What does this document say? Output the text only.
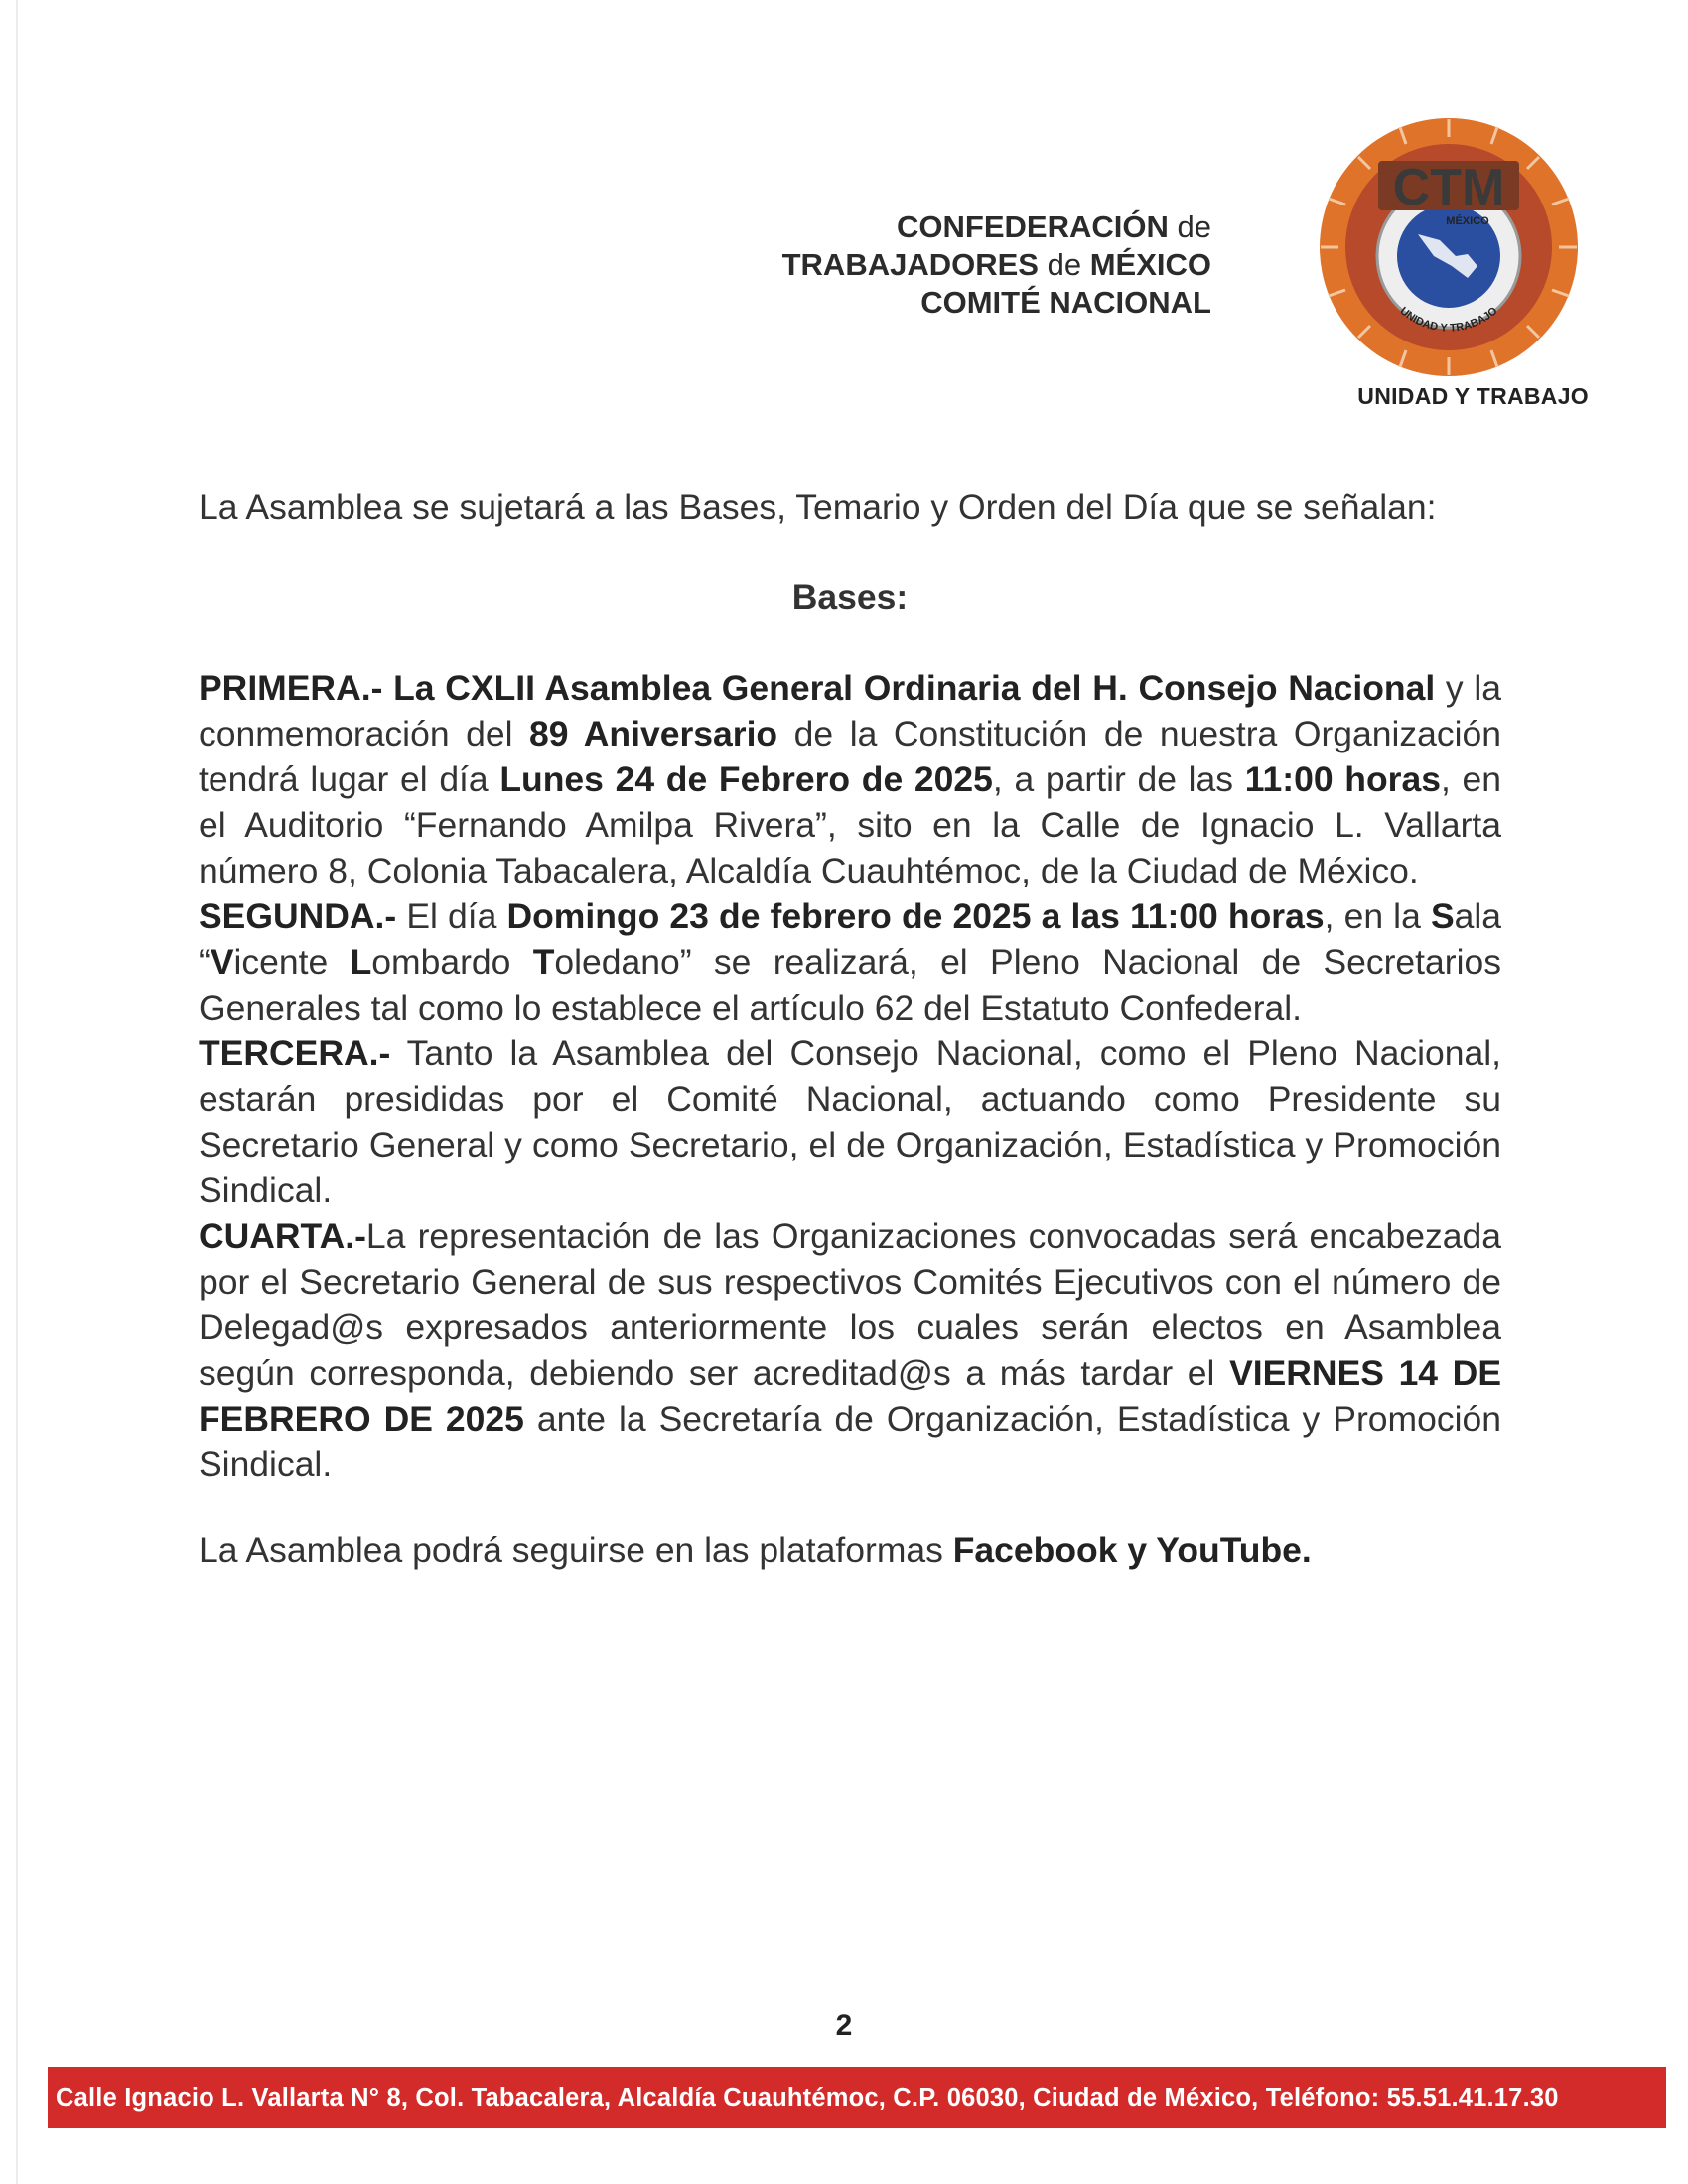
CONFEDERACIÓN de
TRABAJADORES de MÉXICO
COMITÉ NACIONAL
CTM
MÉXICO
UNIDAD Y TRABAJO
UNIDAD Y TRABAJO

La Asamblea se sujetará a las Bases, Temario y Orden del Día que se señalan:

Bases:

PRIMERA.- La CXLII Asamblea General Ordinaria del H. Consejo Nacional y la conmemoración del 89 Aniversario de la Constitución de nuestra Organización tendrá lugar el día Lunes 24 de Febrero de 2025, a partir de las 11:00 horas, en el Auditorio “Fernando Amilpa Rivera”, sito en la Calle de Ignacio L. Vallarta número 8, Colonia Tabacalera, Alcaldía Cuauhtémoc, de la Ciudad de México.

SEGUNDA.- El día Domingo 23 de febrero de 2025 a las 11:00 horas, en la Sala “Vicente Lombardo Toledano” se realizará, el Pleno Nacional de Secretarios Generales tal como lo establece el artículo 62 del Estatuto Confederal.

TERCERA.- Tanto la Asamblea del Consejo Nacional, como el Pleno Nacional, estarán presididas por el Comité Nacional, actuando como Presidente su Secretario General y como Secretario, el de Organización, Estadística y Promoción Sindical.

CUARTA.-La representación de las Organizaciones convocadas será encabezada por el Secretario General de sus respectivos Comités Ejecutivos con el número de Delegad@s expresados anteriormente los cuales serán electos en Asamblea según corresponda, debiendo ser acreditad@s a más tardar el VIERNES 14 DE FEBRERO DE 2025 ante la Secretaría de Organización, Estadística y Promoción Sindical.

La Asamblea podrá seguirse en las plataformas Facebook y YouTube.

2
Calle Ignacio L. Vallarta N° 8, Col. Tabacalera, Alcaldía Cuauhtémoc, C.P. 06030, Ciudad de México, Teléfono: 55.51.41.17.30
